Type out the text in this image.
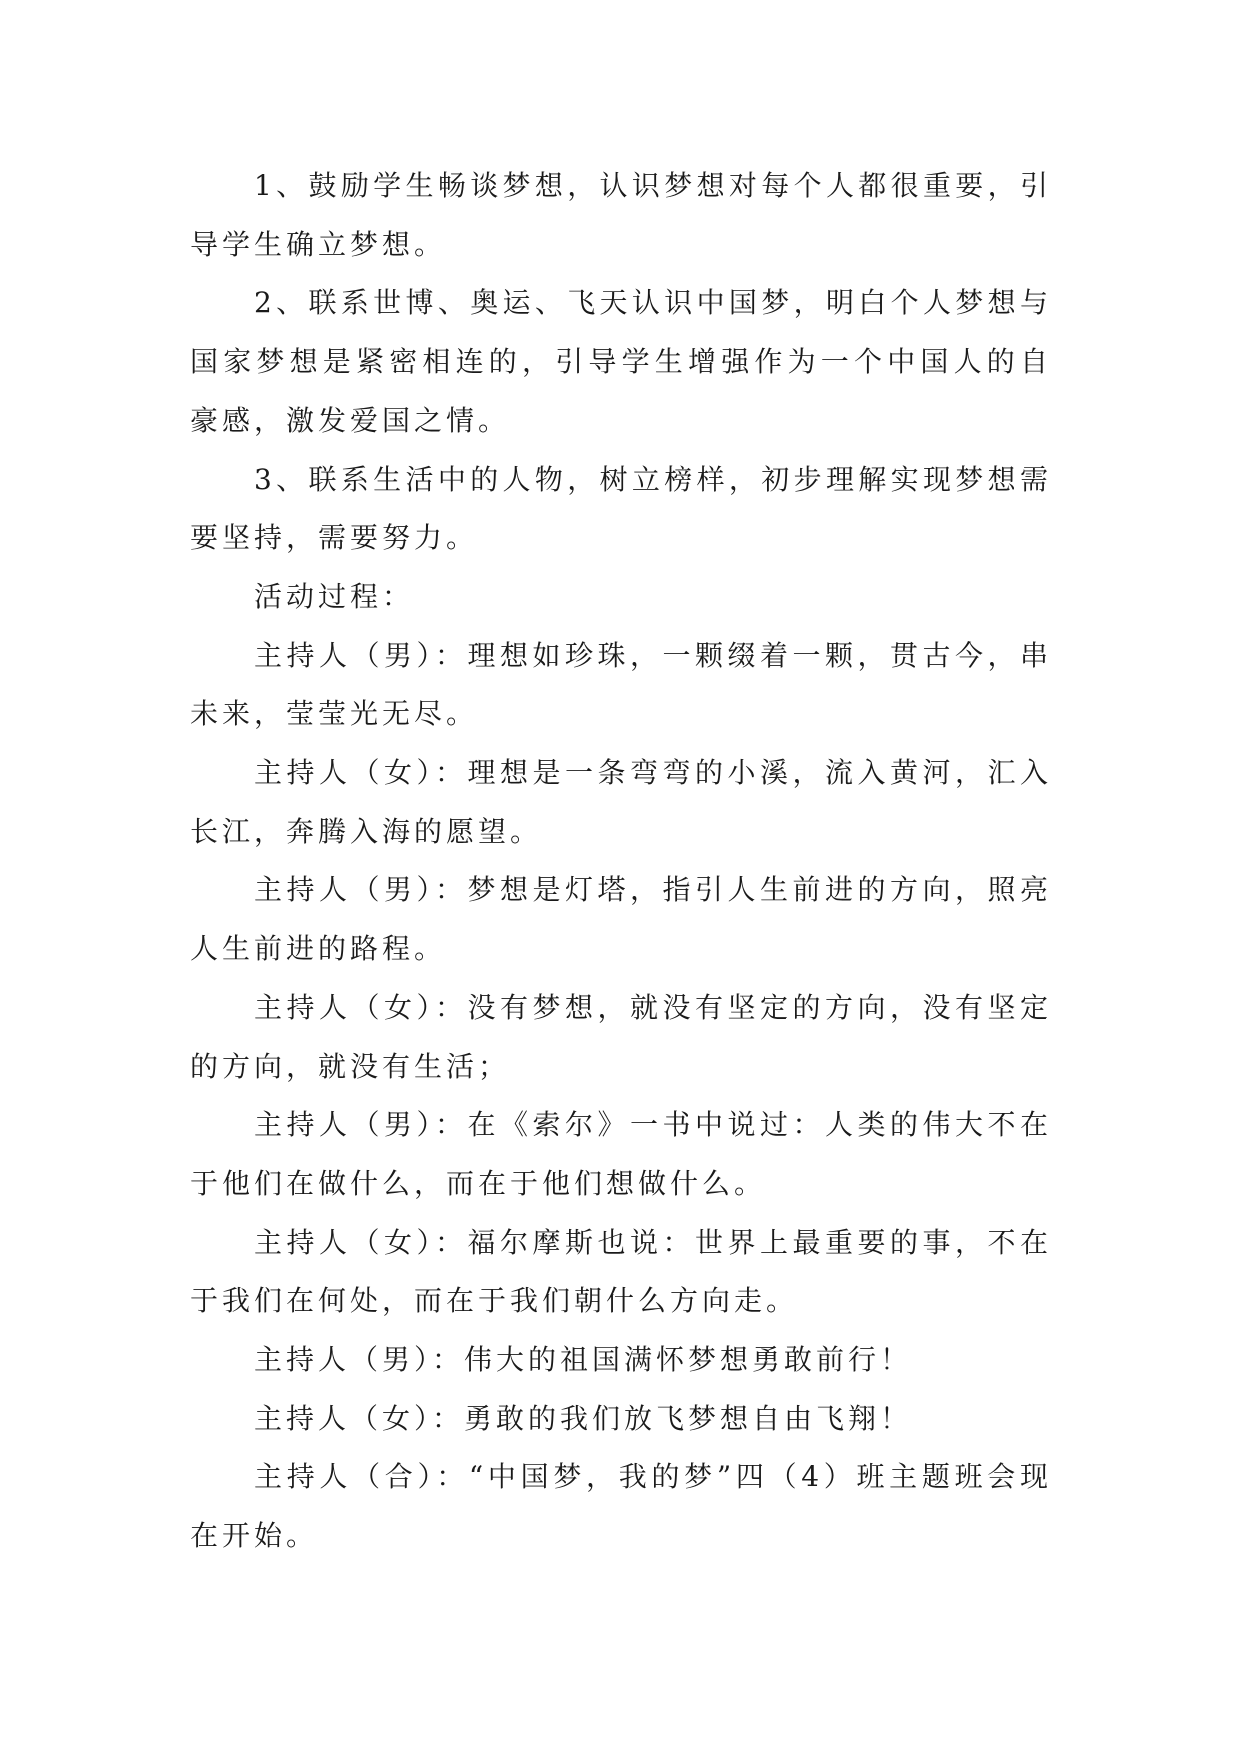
1、鼓励学生畅谈梦想，认识梦想对每个人都很重要，引导学生确立梦想。

2、联系世博、奥运、飞天认识中国梦，明白个人梦想与国家梦想是紧密相连的，引导学生增强作为一个中国人的自豪感，激发爱国之情。

3、联系生活中的人物，树立榜样，初步理解实现梦想需要坚持，需要努力。

活动过程：

主持人（男）：理想如珍珠，一颗缀着一颗，贯古今，串未来，莹莹光无尽。

主持人（女）：理想是一条弯弯的小溪，流入黄河，汇入长江，奔腾入海的愿望。

主持人（男）：梦想是灯塔，指引人生前进的方向，照亮人生前进的路程。

主持人（女）：没有梦想，就没有坚定的方向，没有坚定的方向，就没有生活；

主持人（男）：在《索尔》一书中说过：人类的伟大不在于他们在做什么，而在于他们想做什么。

主持人（女）：福尔摩斯也说：世界上最重要的事，不在于我们在何处，而在于我们朝什么方向走。

主持人（男）：伟大的祖国满怀梦想勇敢前行！

主持人（女）：勇敢的我们放飞梦想自由飞翔！

主持人（合）：“中国梦，我的梦”四（4）班主题班会现在开始。
